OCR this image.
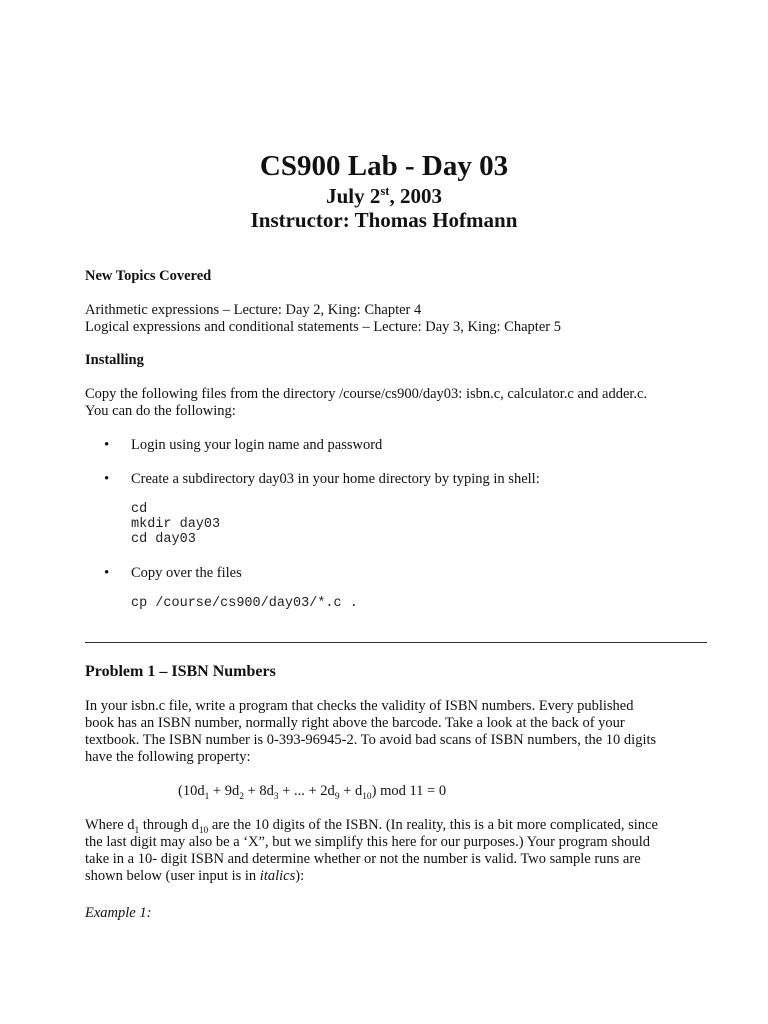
CS900 Lab - Day 03
July 2st, 2003
Instructor: Thomas Hofmann
New Topics Covered
Arithmetic expressions – Lecture: Day 2, King: Chapter 4
Logical expressions and conditional statements – Lecture: Day 3, King: Chapter 5
Installing
Copy the following files from the directory /course/cs900/day03: isbn.c, calculator.c and adder.c.
You can do the following:
• Login using your login name and password
• Create a subdirectory day03 in your home directory by typing in shell:
cd
mkdir day03
cd day03
• Copy over the files
cp /course/cs900/day03/*.c .
Problem 1 – ISBN Numbers
In your isbn.c file, write a program that checks the validity of ISBN numbers. Every published
book has an ISBN number, normally right above the barcode. Take a look at the back of your
textbook. The ISBN number is 0-393-96945-2. To avoid bad scans of ISBN numbers, the 10 digits
have the following property:
($10d_1 + 9d_2 + 8d_3$ + ... + $2d_9 + d_{10}$) mod 11 = 0
Where $d_1$ through $d_{10}$ are the 10 digits of the ISBN. (In reality, this is a bit more complicated, since
the last digit may also be a ‘X”, but we simplify this here for our purposes.) Your program should
take in a 10- digit ISBN and determine whether or not the number is valid. Two sample runs are
shown below (user input is in italics):
Example 1:
